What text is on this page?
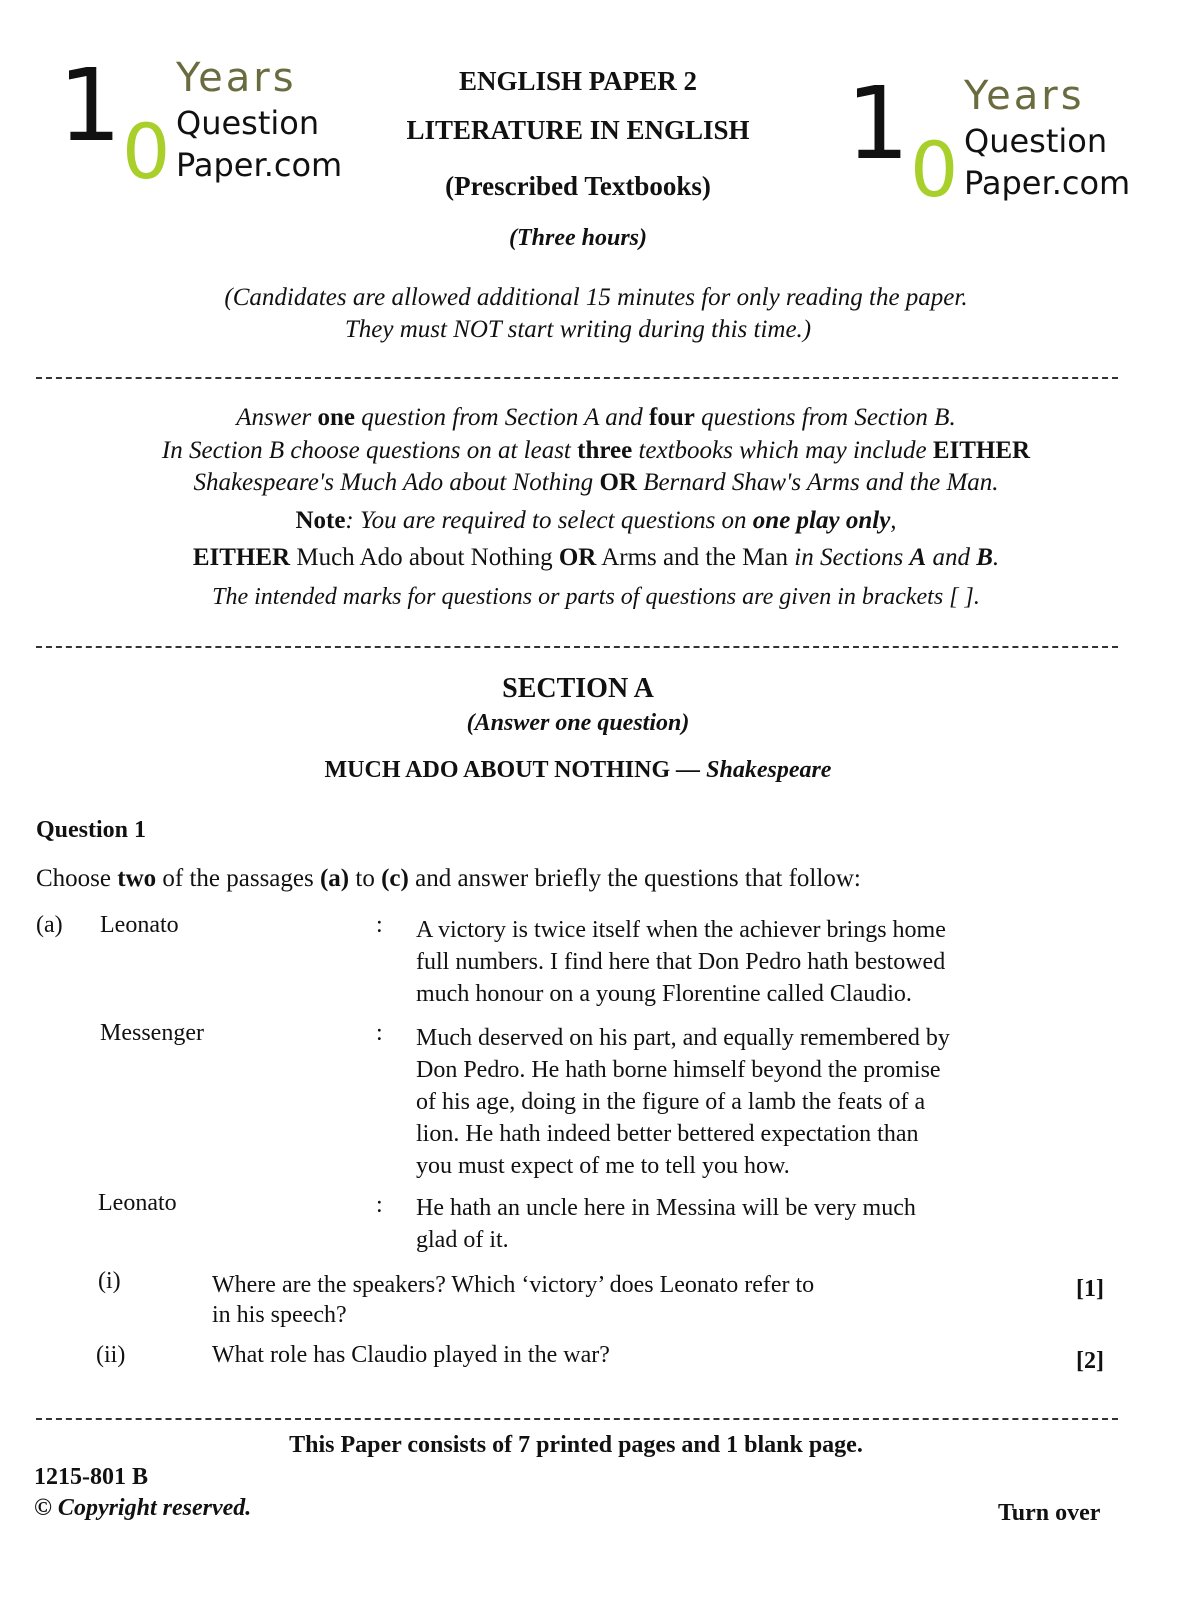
1 0
Years
Question
Paper.com	1 0
Years
Question
Paper.com
ENGLISH PAPER 2
LITERATURE IN ENGLISH
(Prescribed Textbooks)
(Three hours)
(Candidates are allowed additional 15 minutes for only reading the paper.
They must NOT start writing during this time.)
Answer one question from Section A and four questions from Section B.
In Section B choose questions on at least three textbooks which may include EITHER
Shakespeare's Much Ado about Nothing OR Bernard Shaw's Arms and the Man.
Note: You are required to select questions on one play only,
EITHER Much Ado about Nothing OR Arms and the Man in Sections A and B.
The intended marks for questions or parts of questions are given in brackets [ ].
SECTION A
(Answer one question)
MUCH ADO ABOUT NOTHING — Shakespeare
Question 1
Choose two of the passages (a) to (c) and answer briefly the questions that follow:
(a) Leonato	: A victory is twice itself when the achiever brings home
full numbers. I find here that Don Pedro hath bestowed
much honour on a young Florentine called Claudio.
Messenger	: Much deserved on his part, and equally remembered by
Don Pedro. He hath borne himself beyond the promise
of his age, doing in the figure of a lamb the feats of a
lion. He hath indeed better bettered expectation than
you must expect of me to tell you how.
Leonato	: He hath an uncle here in Messina will be very much
glad of it.
(i)	Where are the speakers? Which ‘victory’ does Leonato refer to
in his speech?
[1]
(ii)	What role has Claudio played in the war?	[2]
This Paper consists of 7 printed pages and 1 blank page.
1215-801 B
© Copyright reserved.	Turn over
